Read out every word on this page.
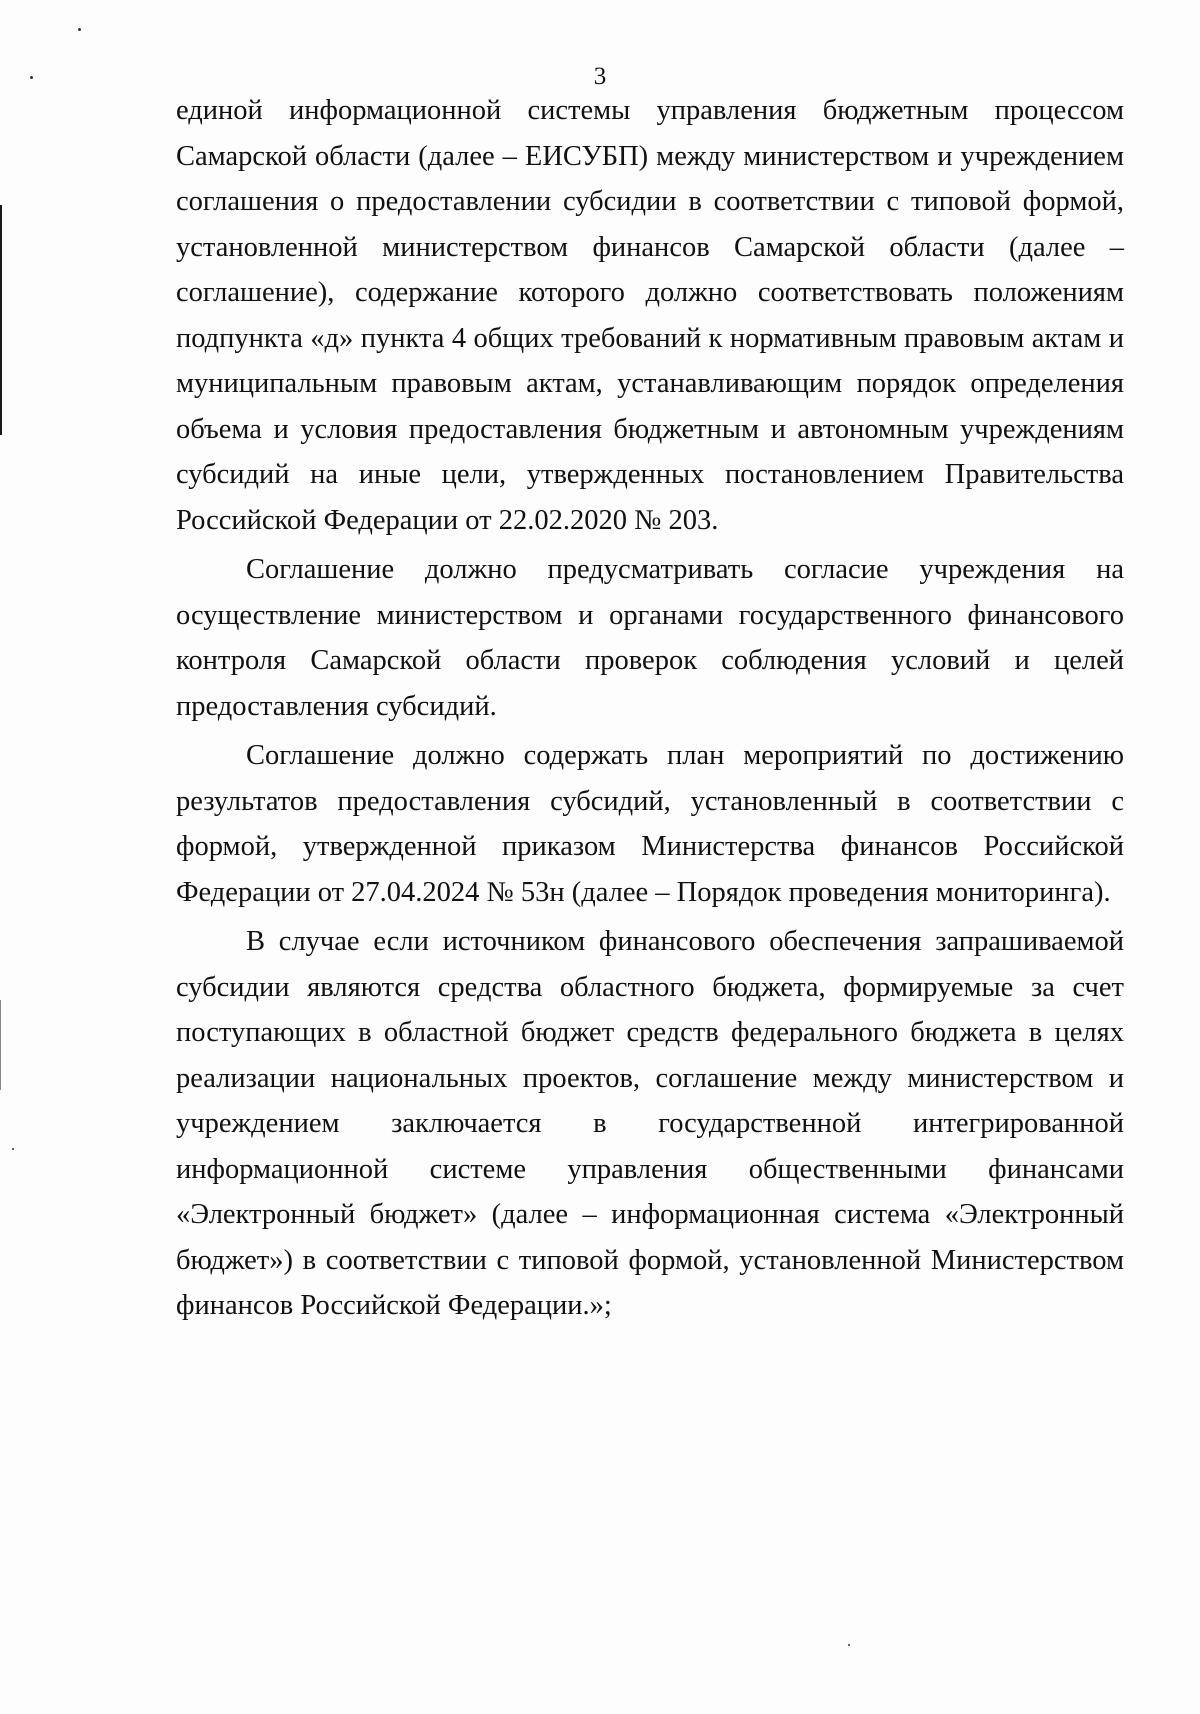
3

единой информационной системы управления бюджетным процессом Самарской области (далее – ЕИСУБП) между министерством и учреждением соглашения о предоставлении субсидии в соответствии с типовой формой, установленной министерством финансов Самарской области (далее – соглашение), содержание которого должно соответствовать положениям подпункта «д» пункта 4 общих требований к нормативным правовым актам и муниципальным правовым актам, устанавливающим порядок определения объема и условия предоставления бюджетным и автономным учреждениям субсидий на иные цели, утвержденных постановлением Правительства Российской Федерации от 22.02.2020 № 203.

Соглашение должно предусматривать согласие учреждения на осуществление министерством и органами государственного финансового контроля Самарской области проверок соблюдения условий и целей предоставления субсидий.

Соглашение должно содержать план мероприятий по достижению результатов предоставления субсидий, установленный в соответствии с формой, утвержденной приказом Министерства финансов Российской Федерации от 27.04.2024 № 53н (далее – Порядок проведения мониторинга).

В случае если источником финансового обеспечения запрашиваемой субсидии являются средства областного бюджета, формируемые за счет поступающих в областной бюджет средств федерального бюджета в целях реализации национальных проектов, соглашение между министерством и учреждением заключается в государственной интегрированной информационной системе управления общественными финансами «Электронный бюджет» (далее – информационная система «Электронный бюджет») в соответствии с типовой формой, установленной Министерством финансов Российской Федерации.»;
